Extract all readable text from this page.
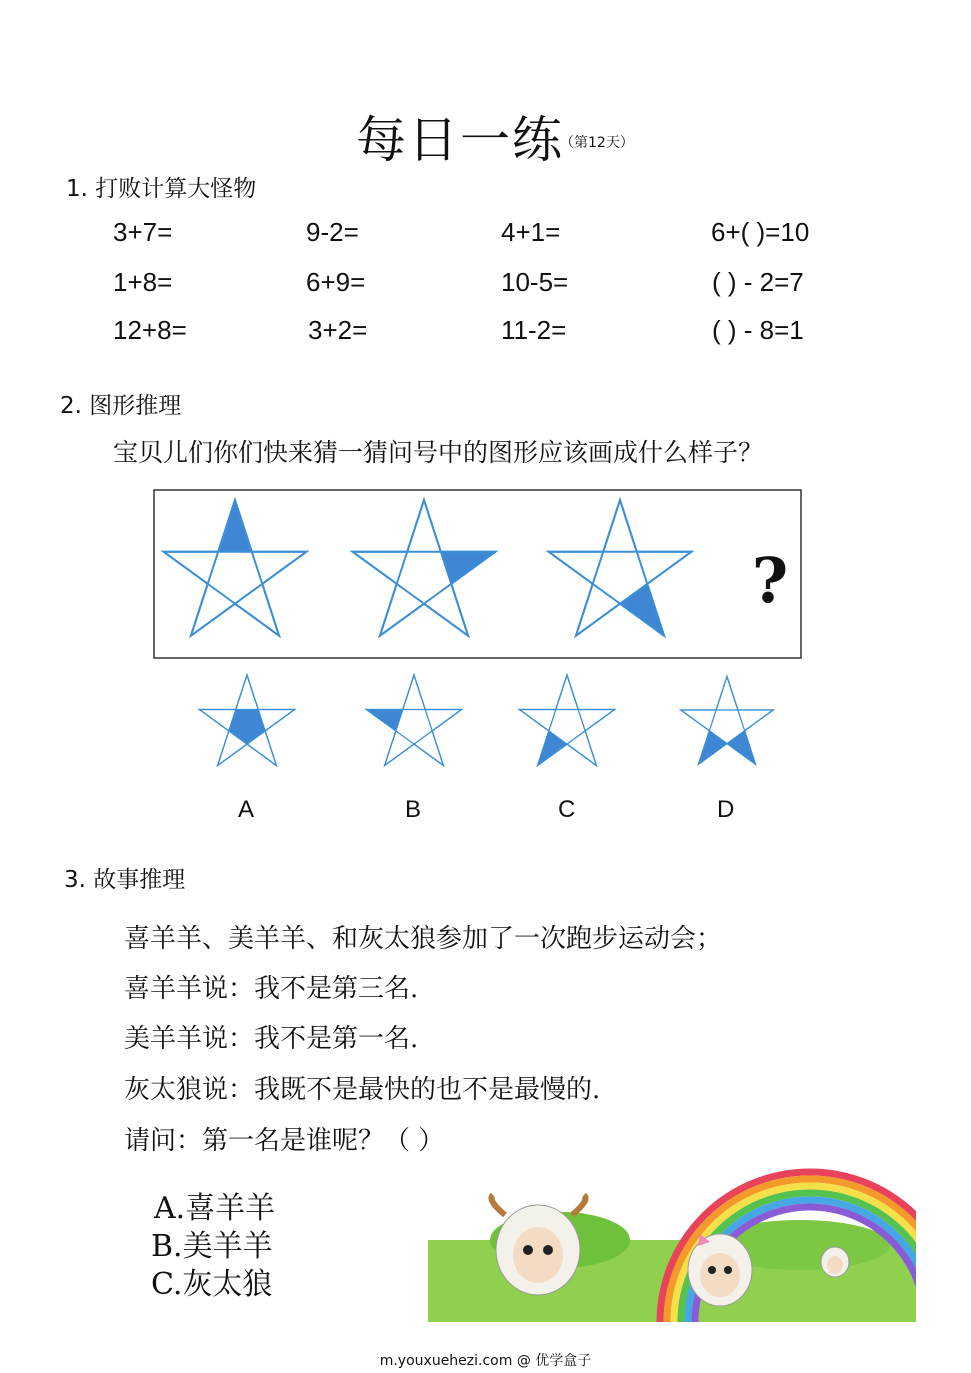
每日一练
（第12天）
1. 打败计算大怪物
3+7=	9-2=	4+1=	6+( )=10
1+8=	6+9=	10-5=	( ) - 2=7
12+8=	3+2=	11-2=	( ) - 8=1
2. 图形推理
宝贝儿们你们快来猜一猜问号中的图形应该画成什么样子？
?
A	B	C	D
3. 故事推理
喜羊羊、美羊羊、和灰太狼参加了一次跑步运动会；
喜羊羊说：我不是第三名.
美羊羊说：我不是第一名.
灰太狼说：我既不是最快的也不是最慢的.
请问：第一名是谁呢？（ ）
A.喜羊羊
B.美羊羊
C.灰太狼
m.youxuehezi.com @ 优学盒子
